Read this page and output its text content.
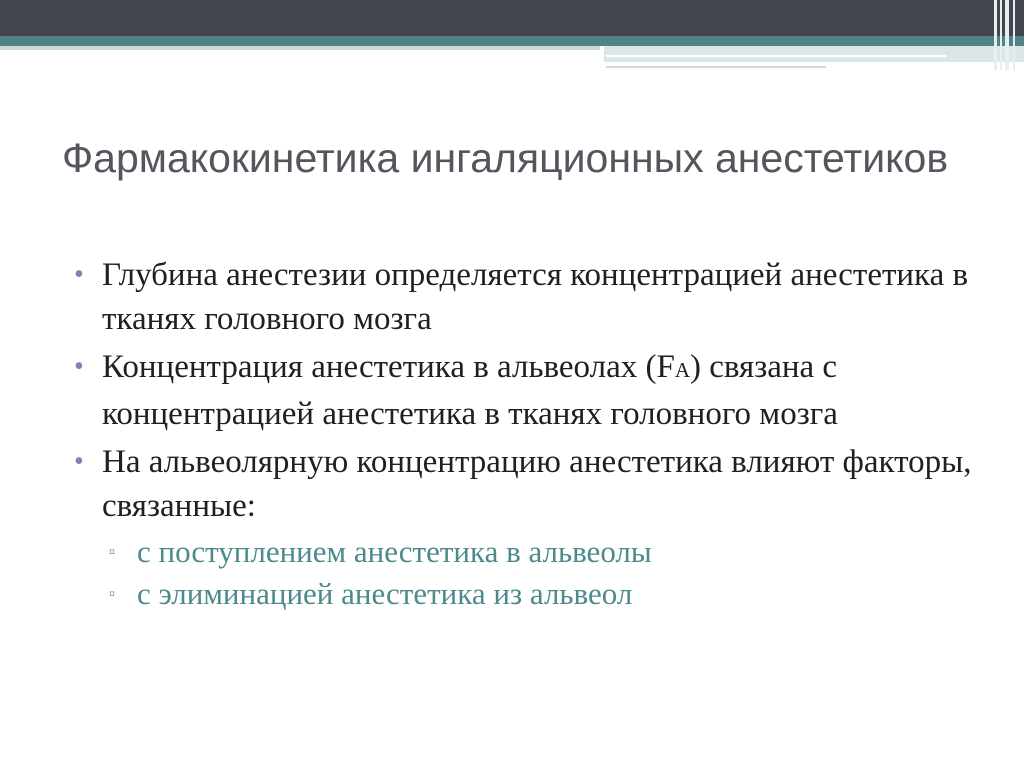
Фармакокинетика ингаляционных анестетиков
• Глубина анестезии определяется концентрацией анестетика в тканях головного мозга
• Концентрация анестетика в альвеолах (FA) связана с концентрацией анестетика в тканях головного мозга
• На альвеолярную концентрацию анестетика влияют факторы, связанные:
▫ с поступлением анестетика в альвеолы
▫ с элиминацией анестетика из альвеол
